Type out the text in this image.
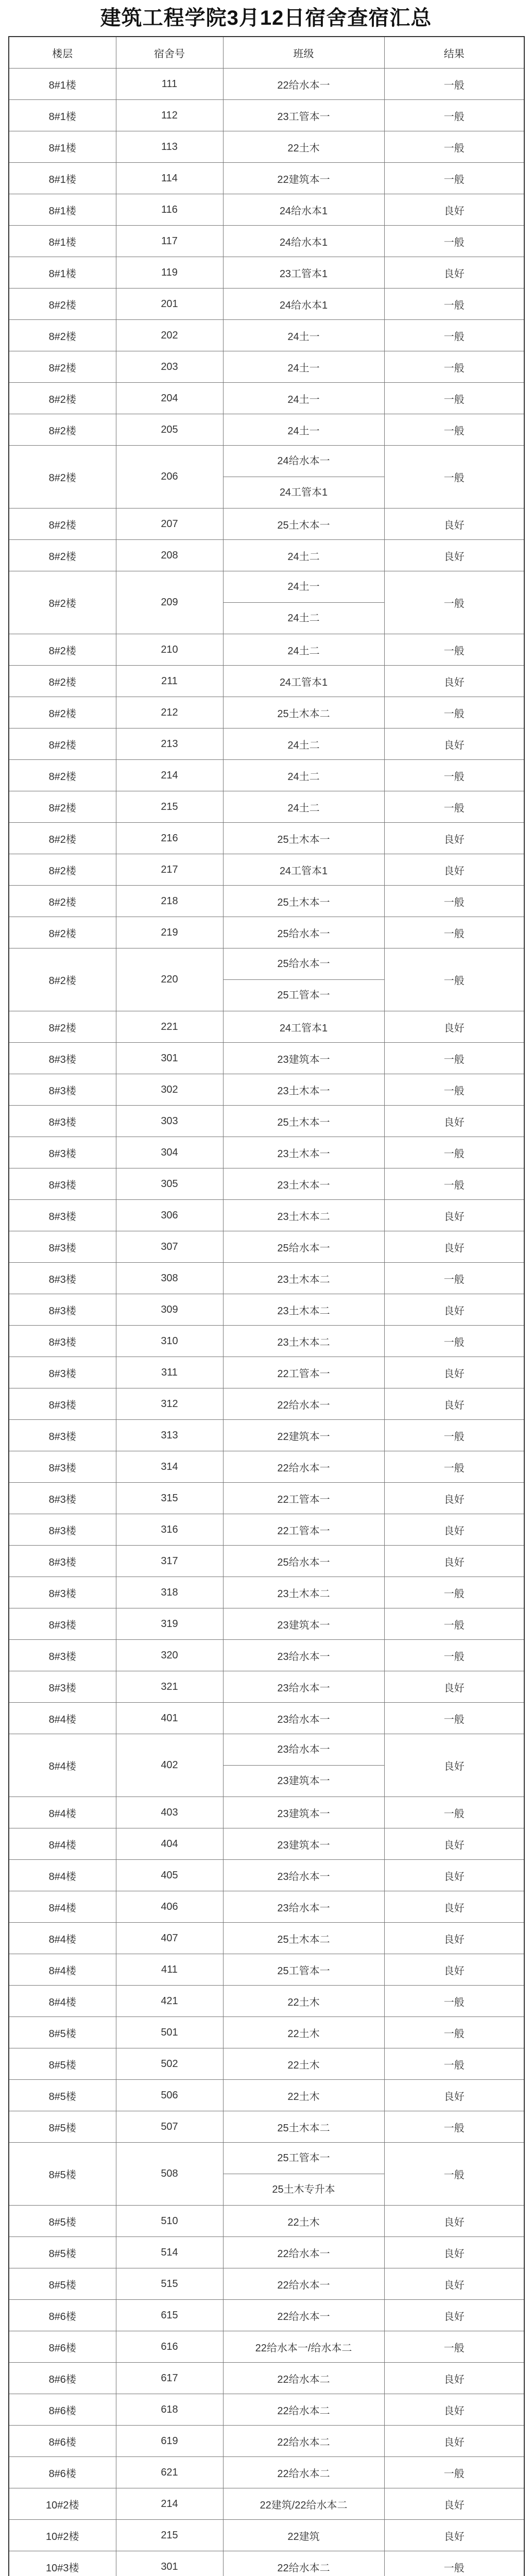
建筑工程学院3月12日宿舍查宿汇总
楼层	宿舍号	班级	结果
8#1楼	111	22给水本一	一般
8#1楼	112	23工管本一	一般
8#1楼	113	22土木	一般
8#1楼	114	22建筑本一	一般
8#1楼	116	24给水本1	良好
8#1楼	117	24给水本1	一般
8#1楼	119	23工管本1	良好
8#2楼	201	24给水本1	一般
8#2楼	202	24土一	一般
8#2楼	203	24土一	一般
8#2楼	204	24土一	一般
8#2楼	205	24土一	一般
8#2楼	206	24给水本一
24工管本1	一般
8#2楼	207	25土木本一	良好
8#2楼	208	24土二	良好
8#2楼	209	24土一
24土二	一般
8#2楼	210	24土二	一般
8#2楼	211	24工管本1	良好
8#2楼	212	25土木本二	一般
8#2楼	213	24土二	良好
8#2楼	214	24土二	一般
8#2楼	215	24土二	一般
8#2楼	216	25土木本一	良好
8#2楼	217	24工管本1	良好
8#2楼	218	25土木本一	一般
8#2楼	219	25给水本一	一般
8#2楼	220	25给水本一
25工管本一	一般
8#2楼	221	24工管本1	良好
8#3楼	301	23建筑本一	一般
8#3楼	302	23土木本一	一般
8#3楼	303	25土木本一	良好
8#3楼	304	23土木本一	一般
8#3楼	305	23土木本一	一般
8#3楼	306	23土木本二	良好
8#3楼	307	25给水本一	良好
8#3楼	308	23土木本二	一般
8#3楼	309	23土木本二	良好
8#3楼	310	23土木本二	一般
8#3楼	311	22工管本一	良好
8#3楼	312	22给水本一	良好
8#3楼	313	22建筑本一	一般
8#3楼	314	22给水本一	一般
8#3楼	315	22工管本一	良好
8#3楼	316	22工管本一	良好
8#3楼	317	25给水本一	良好
8#3楼	318	23土木本二	一般
8#3楼	319	23建筑本一	一般
8#3楼	320	23给水本一	一般
8#3楼	321	23给水本一	良好
8#4楼	401	23给水本一	一般
8#4楼	402	23给水本一
23建筑本一	良好
8#4楼	403	23建筑本一	一般
8#4楼	404	23建筑本一	良好
8#4楼	405	23给水本一	良好
8#4楼	406	23给水本一	良好
8#4楼	407	25土木本二	良好
8#4楼	411	25工管本一	良好
8#4楼	421	22土木	一般
8#5楼	501	22土木	一般
8#5楼	502	22土木	一般
8#5楼	506	22土木	良好
8#5楼	507	25土木本二	一般
8#5楼	508	25工管本一
25土木专升本	一般
8#5楼	510	22土木	良好
8#5楼	514	22给水本一	良好
8#5楼	515	22给水本一	良好
8#6楼	615	22给水本一	良好
8#6楼	616	22给水本一/给水本二	一般
8#6楼	617	22给水本二	良好
8#6楼	618	22给水本二	良好
8#6楼	619	22给水本二	良好
8#6楼	621	22给水本二	一般
10#2楼	214	22建筑/22给水本二	良好
10#2楼	215	22建筑	良好
10#3楼	301	22给水本二	一般
